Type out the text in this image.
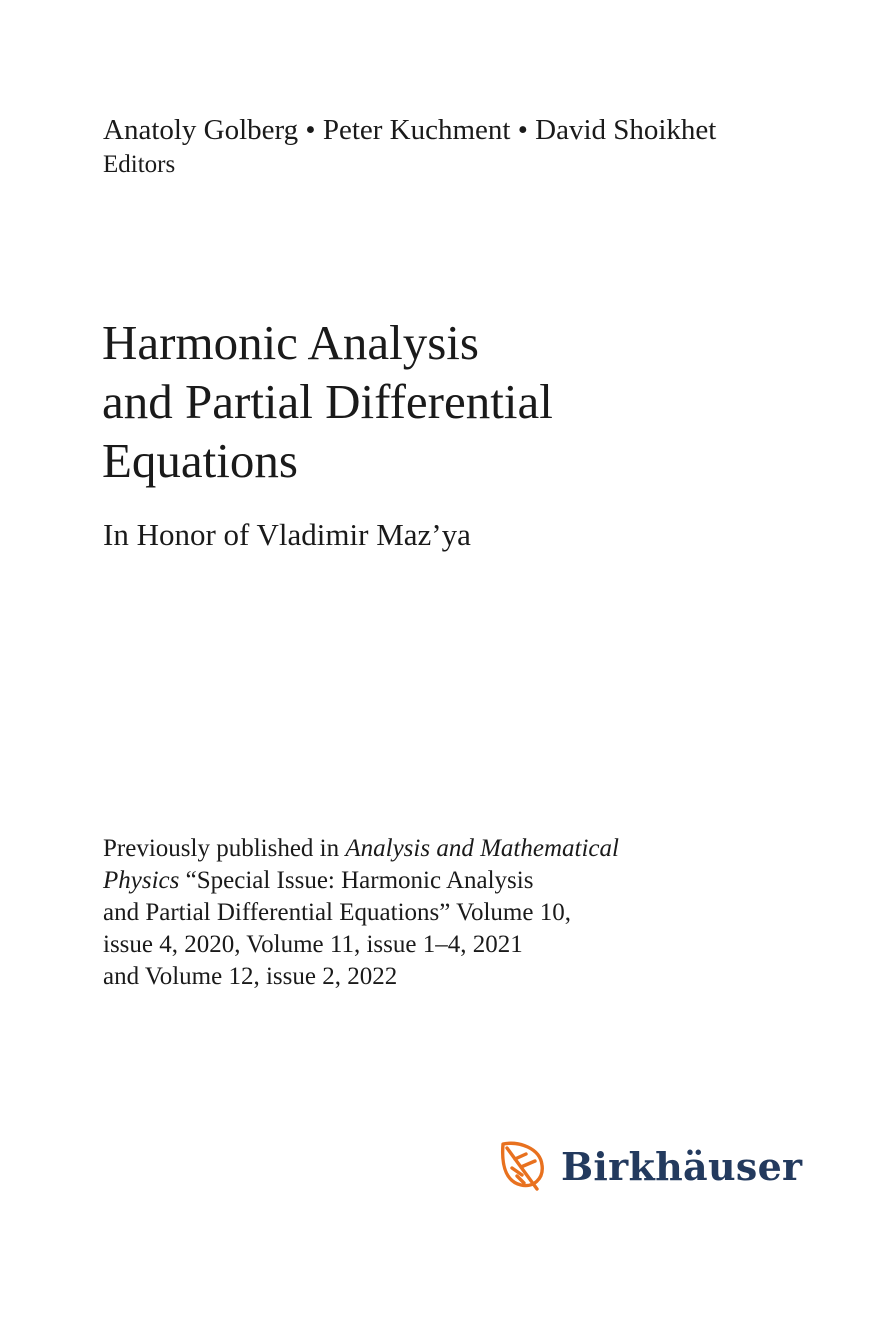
Anatoly Golberg • Peter Kuchment • David Shoikhet
Editors
Harmonic Analysis
and Partial Differential
Equations
In Honor of Vladimir Maz’ya
Previously published in Analysis and Mathematical
Physics “Special Issue: Harmonic Analysis
and Partial Differential Equations” Volume 10,
issue 4, 2020, Volume 11, issue 1–4, 2021
and Volume 12, issue 2, 2022
Birkhäuser
